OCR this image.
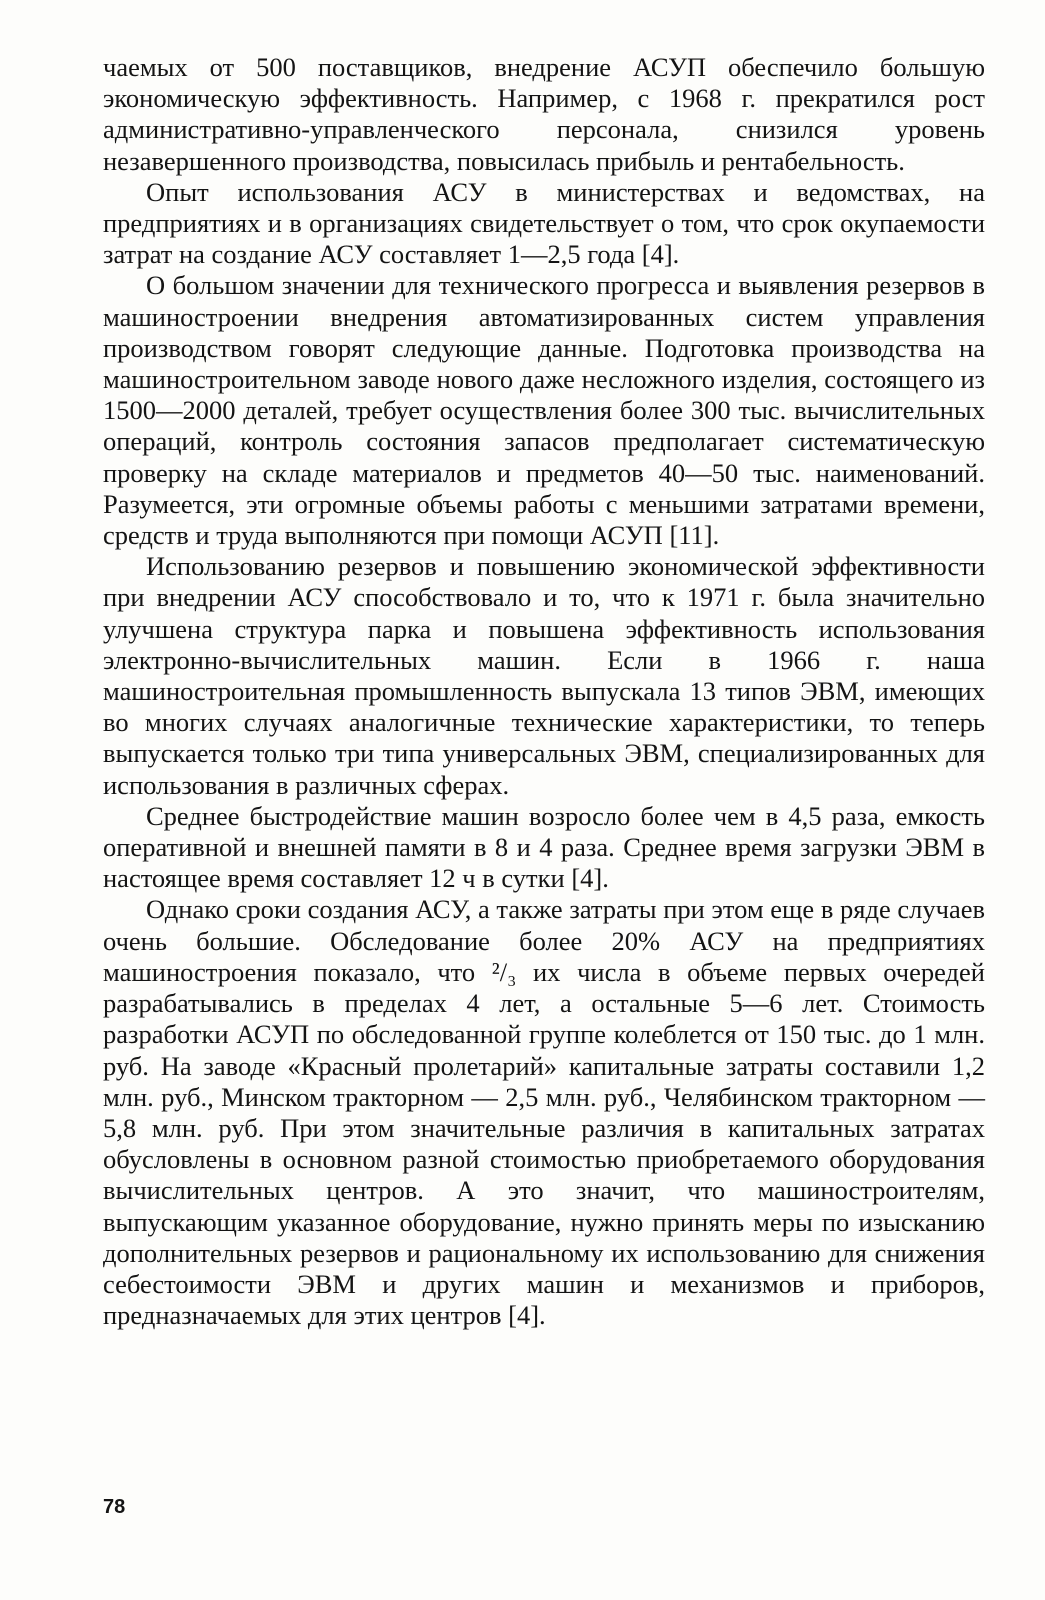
чаемых от 500 поставщиков, внедрение АСУП обеспечило большую экономическую эффективность. Например, с 1968 г. прекратился рост административно-управленческого персонала, снизился уровень незавершенного производства, повысилась прибыль и рентабельность.

Опыт использования АСУ в министерствах и ведомствах, на предприятиях и в организациях свидетельствует о том, что срок окупаемости затрат на создание АСУ составляет 1—2,5 года [4].

О большом значении для технического прогресса и выявления резервов в машиностроении внедрения автоматизированных систем управления производством говорят следующие данные. Подготовка производства на машиностроительном заводе нового даже несложного изделия, состоящего из 1500—2000 деталей, требует осуществления более 300 тыс. вычислительных операций, контроль состояния запасов предполагает систематическую проверку на складе материалов и предметов 40—50 тыс. наименований. Разумеется, эти огромные объемы работы с меньшими затратами времени, средств и труда выполняются при помощи АСУП [11].

Использованию резервов и повышению экономической эффективности при внедрении АСУ способствовало и то, что к 1971 г. была значительно улучшена структура парка и повышена эффективность использования электронно-вычислительных машин. Если в 1966 г. наша машиностроительная промышленность выпускала 13 типов ЭВМ, имеющих во многих случаях аналогичные технические характеристики, то теперь выпускается только три типа универсальных ЭВМ, специализированных для использования в различных сферах.

Среднее быстродействие машин возросло более чем в 4,5 раза, емкость оперативной и внешней памяти в 8 и 4 раза. Среднее время загрузки ЭВМ в настоящее время составляет 12 ч в сутки [4].

Однако сроки создания АСУ, а также затраты при этом еще в ряде случаев очень большие. Обследование более 20% АСУ на предприятиях машиностроения показало, что ²/₃ их числа в объеме первых очередей разрабатывались в пределах 4 лет, а остальные 5—6 лет. Стоимость разработки АСУП по обследованной группе колеблется от 150 тыс. до 1 млн. руб. На заводе «Красный пролетарий» капитальные затраты составили 1,2 млн. руб., Минском тракторном — 2,5 млн. руб., Челябинском тракторном — 5,8 млн. руб. При этом значительные различия в капитальных затратах обусловлены в основном разной стоимостью приобретаемого оборудования вычислительных центров. А это значит, что машиностроителям, выпускающим указанное оборудование, нужно принять меры по изысканию дополнительных резервов и рациональному их использованию для снижения себестоимости ЭВМ и других машин и механизмов и приборов, предназначаемых для этих центров [4].

78
